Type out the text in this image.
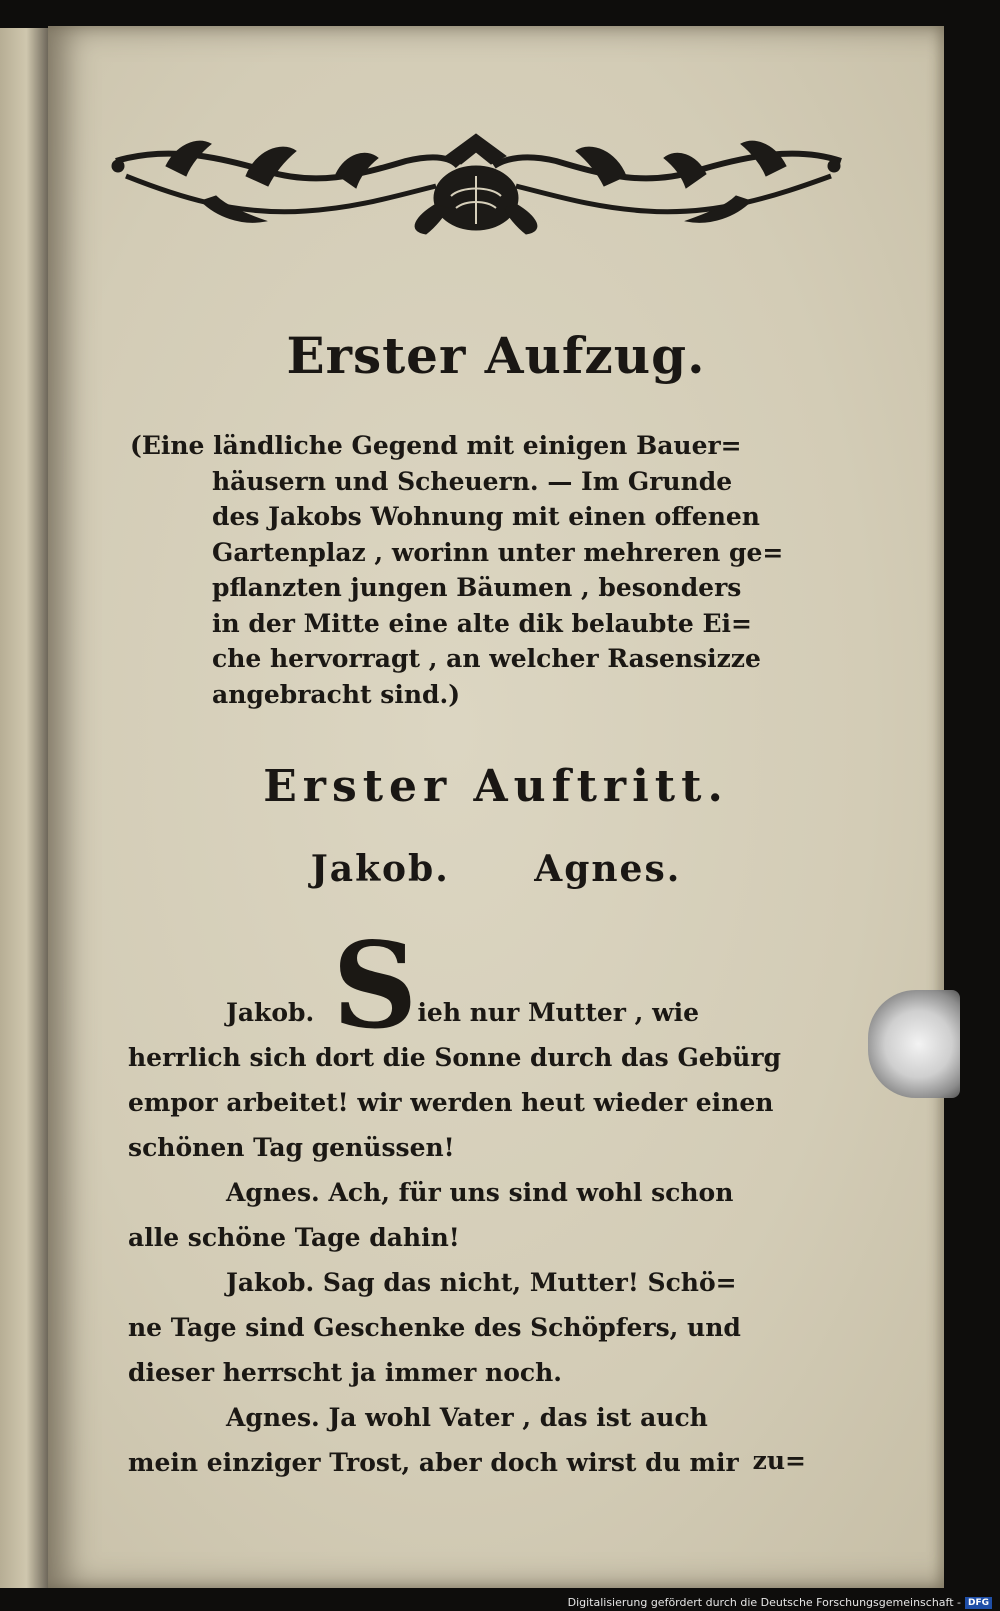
Erster Aufzug.
(Eine ländliche Gegend mit einigen Bauer=
häusern und Scheuern. — Im Grunde
des Jakobs Wohnung mit einen offenen
Gartenplaz , worinn unter mehreren ge=
pflanzten jungen Bäumen , besonders
in der Mitte eine alte dik belaubte Ei=
che hervorragt , an welcher Rasensizze
angebracht sind.)
Erster Auftritt.
Jakob. Agnes.
Jakob. Sieh nur Mutter , wie
herrlich sich dort die Sonne durch das Gebürg
empor arbeitet! wir werden heut wieder einen
schönen Tag genüssen!
Agnes. Ach, für uns sind wohl schon
alle schöne Tage dahin!
Jakob. Sag das nicht, Mutter! Schö=
ne Tage sind Geschenke des Schöpfers, und
dieser herrscht ja immer noch.
Agnes. Ja wohl Vater , das ist auch
mein einziger Trost, aber doch wirst du mir zu=
Digitalisierung gefördert durch die Deutsche Forschungsgemeinschaft - DFG
